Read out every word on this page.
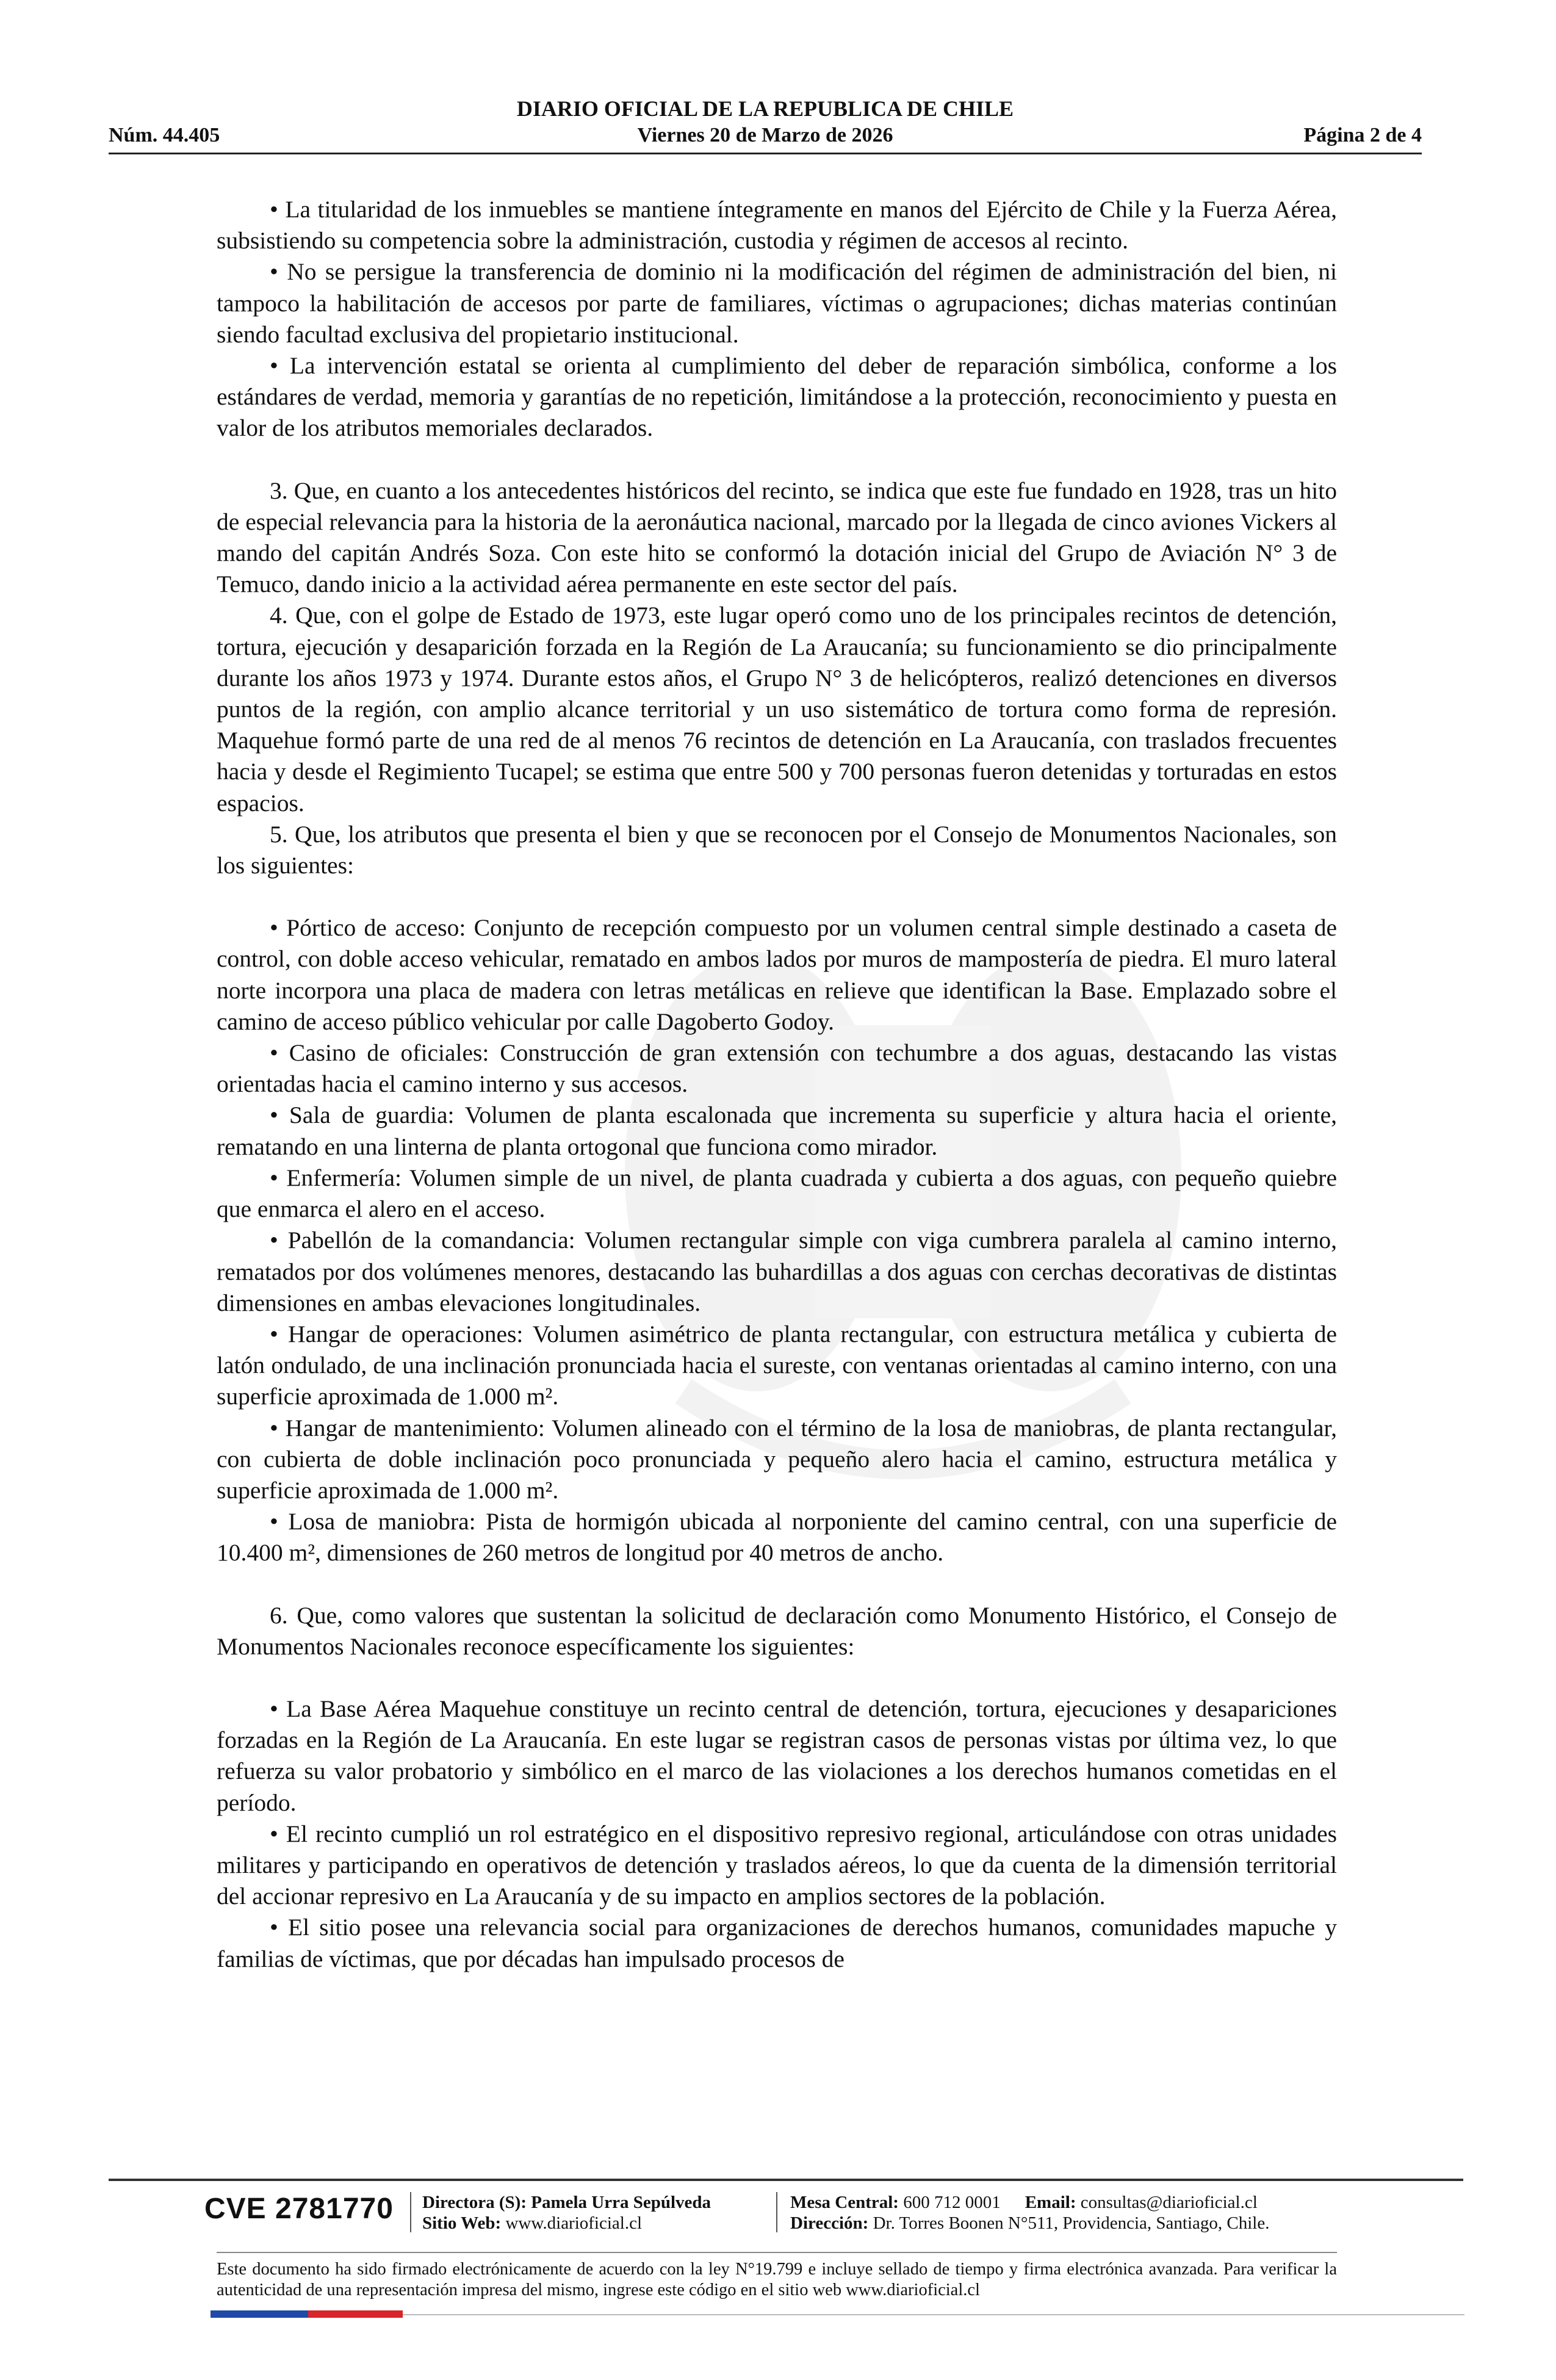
DIARIO OFICIAL DE LA REPUBLICA DE CHILE
Núm. 44.405	Viernes 20 de Marzo de 2026	Página 2 de 4

• La titularidad de los inmuebles se mantiene íntegramente en manos del Ejército de Chile y la Fuerza Aérea, subsistiendo su competencia sobre la administración, custodia y régimen de accesos al recinto.

• No se persigue la transferencia de dominio ni la modificación del régimen de administración del bien, ni tampoco la habilitación de accesos por parte de familiares, víctimas o agrupaciones; dichas materias continúan siendo facultad exclusiva del propietario institucional.

• La intervención estatal se orienta al cumplimiento del deber de reparación simbólica, conforme a los estándares de verdad, memoria y garantías de no repetición, limitándose a la protección, reconocimiento y puesta en valor de los atributos memoriales declarados.

3. Que, en cuanto a los antecedentes históricos del recinto, se indica que este fue fundado en 1928, tras un hito de especial relevancia para la historia de la aeronáutica nacional, marcado por la llegada de cinco aviones Vickers al mando del capitán Andrés Soza. Con este hito se conformó la dotación inicial del Grupo de Aviación N° 3 de Temuco, dando inicio a la actividad aérea permanente en este sector del país.

4. Que, con el golpe de Estado de 1973, este lugar operó como uno de los principales recintos de detención, tortura, ejecución y desaparición forzada en la Región de La Araucanía; su funcionamiento se dio principalmente durante los años 1973 y 1974. Durante estos años, el Grupo N° 3 de helicópteros, realizó detenciones en diversos puntos de la región, con amplio alcance territorial y un uso sistemático de tortura como forma de represión. Maquehue formó parte de una red de al menos 76 recintos de detención en La Araucanía, con traslados frecuentes hacia y desde el Regimiento Tucapel; se estima que entre 500 y 700 personas fueron detenidas y torturadas en estos espacios.

5. Que, los atributos que presenta el bien y que se reconocen por el Consejo de Monumentos Nacionales, son los siguientes:

• Pórtico de acceso: Conjunto de recepción compuesto por un volumen central simple destinado a caseta de control, con doble acceso vehicular, rematado en ambos lados por muros de mampostería de piedra. El muro lateral norte incorpora una placa de madera con letras metálicas en relieve que identifican la Base. Emplazado sobre el camino de acceso público vehicular por calle Dagoberto Godoy.

• Casino de oficiales: Construcción de gran extensión con techumbre a dos aguas, destacando las vistas orientadas hacia el camino interno y sus accesos.

• Sala de guardia: Volumen de planta escalonada que incrementa su superficie y altura hacia el oriente, rematando en una linterna de planta ortogonal que funciona como mirador.

• Enfermería: Volumen simple de un nivel, de planta cuadrada y cubierta a dos aguas, con pequeño quiebre que enmarca el alero en el acceso.

• Pabellón de la comandancia: Volumen rectangular simple con viga cumbrera paralela al camino interno, rematados por dos volúmenes menores, destacando las buhardillas a dos aguas con cerchas decorativas de distintas dimensiones en ambas elevaciones longitudinales.

• Hangar de operaciones: Volumen asimétrico de planta rectangular, con estructura metálica y cubierta de latón ondulado, de una inclinación pronunciada hacia el sureste, con ventanas orientadas al camino interno, con una superficie aproximada de 1.000 m².

• Hangar de mantenimiento: Volumen alineado con el término de la losa de maniobras, de planta rectangular, con cubierta de doble inclinación poco pronunciada y pequeño alero hacia el camino, estructura metálica y superficie aproximada de 1.000 m².

• Losa de maniobra: Pista de hormigón ubicada al norponiente del camino central, con una superficie de 10.400 m², dimensiones de 260 metros de longitud por 40 metros de ancho.

6. Que, como valores que sustentan la solicitud de declaración como Monumento Histórico, el Consejo de Monumentos Nacionales reconoce específicamente los siguientes:

• La Base Aérea Maquehue constituye un recinto central de detención, tortura, ejecuciones y desapariciones forzadas en la Región de La Araucanía. En este lugar se registran casos de personas vistas por última vez, lo que refuerza su valor probatorio y simbólico en el marco de las violaciones a los derechos humanos cometidas en el período.

• El recinto cumplió un rol estratégico en el dispositivo represivo regional, articulándose con otras unidades militares y participando en operativos de detención y traslados aéreos, lo que da cuenta de la dimensión territorial del accionar represivo en La Araucanía y de su impacto en amplios sectores de la población.

• El sitio posee una relevancia social para organizaciones de derechos humanos, comunidades mapuche y familias de víctimas, que por décadas han impulsado procesos de

CVE 2781770 Directora (S): Pamela Urra Sepúlveda
Sitio Web: www.diarioficial.cl
Mesa Central: 600 712 0001 Email: consultas@diarioficial.cl
Dirección: Dr. Torres Boonen N°511, Providencia, Santiago, Chile.
Este documento ha sido firmado electrónicamente de acuerdo con la ley N°19.799 e incluye sellado de tiempo y firma electrónica avanzada. Para verificar la autenticidad de una representación impresa del mismo, ingrese este código en el sitio web www.diarioficial.cl
